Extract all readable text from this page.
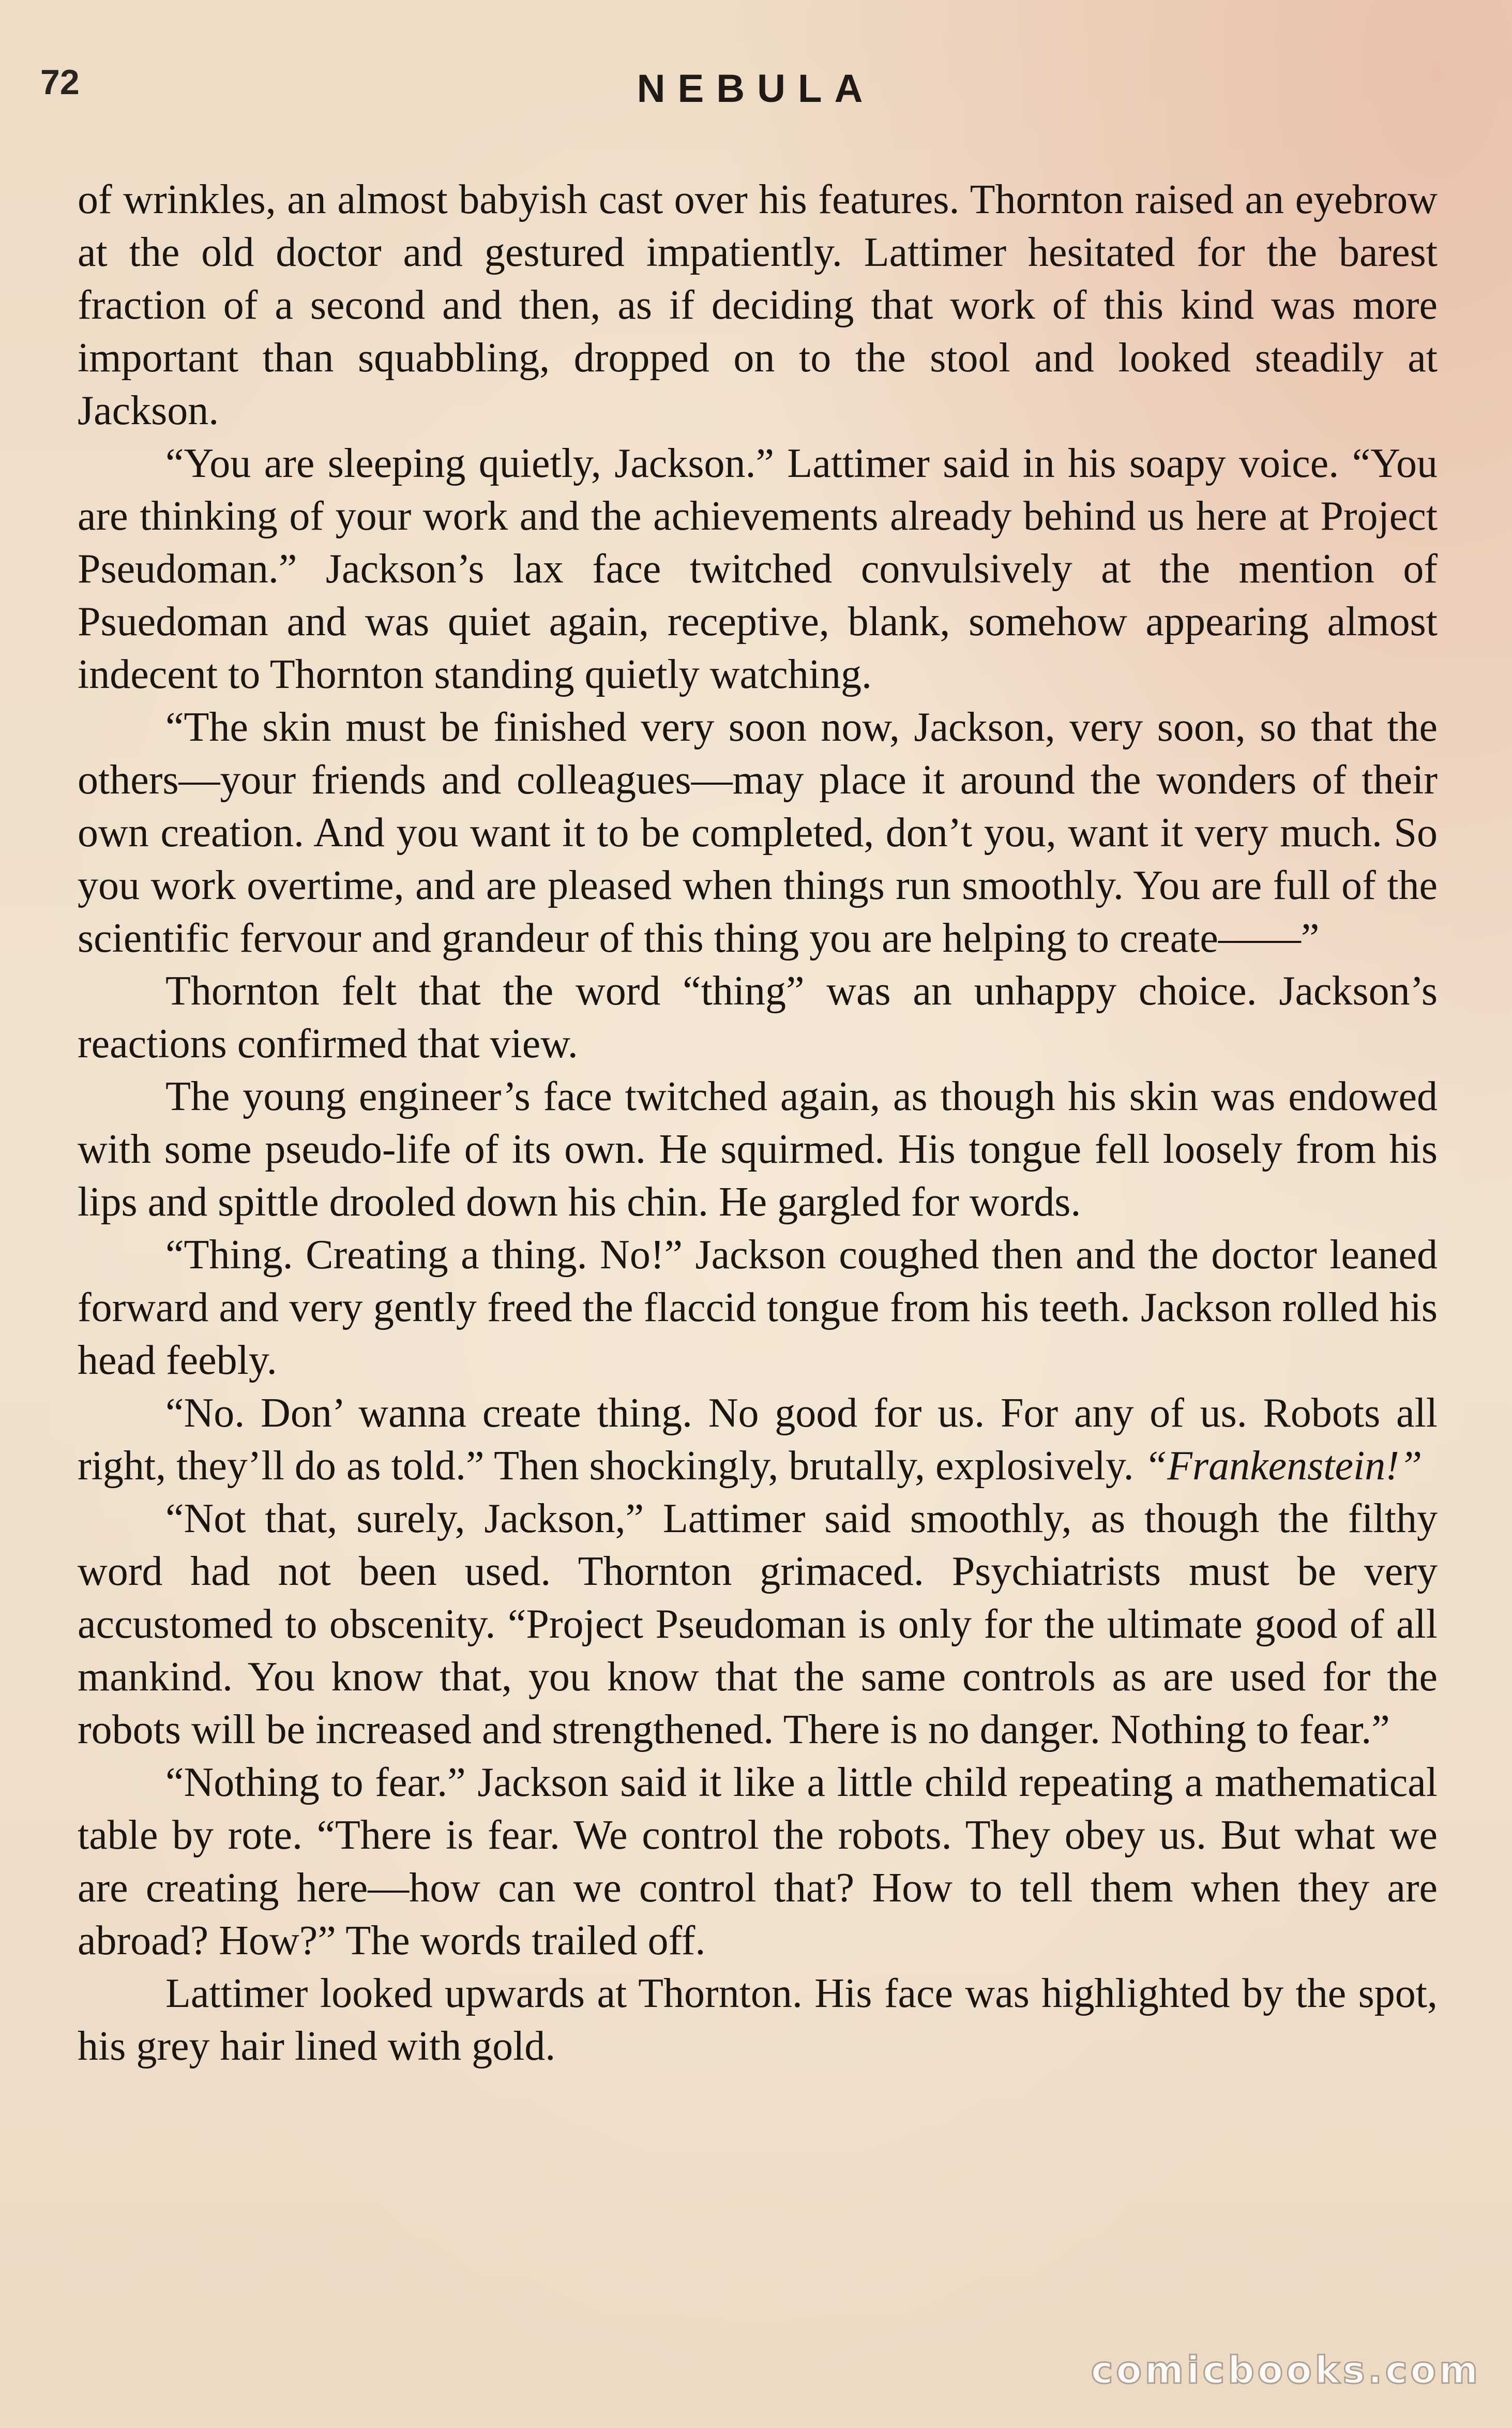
72	NEBULA

of wrinkles, an almost babyish cast over his features. Thornton raised an eyebrow at the old doctor and gestured impatiently. Lattimer hesitated for the barest fraction of a second and then, as if deciding that work of this kind was more important than squabbling, dropped on to the stool and looked steadily at Jackson.

“You are sleeping quietly, Jackson.” Lattimer said in his soapy voice. “You are thinking of your work and the achievements already behind us here at Project Pseudoman.” Jackson’s lax face twitched convulsively at the mention of Psuedoman and was quiet again, receptive, blank, somehow appearing almost indecent to Thornton standing quietly watching.

“The skin must be finished very soon now, Jackson, very soon, so that the others—your friends and colleagues—may place it around the wonders of their own creation. And you want it to be completed, don’t you, want it very much. So you work overtime, and are pleased when things run smoothly. You are full of the scientific fervour and grandeur of this thing you are helping to create——”

Thornton felt that the word “thing” was an unhappy choice. Jackson’s reactions confirmed that view.

The young engineer’s face twitched again, as though his skin was endowed with some pseudo-life of its own. He squirmed. His tongue fell loosely from his lips and spittle drooled down his chin. He gargled for words.

“Thing. Creating a thing. No!” Jackson coughed then and the doctor leaned forward and very gently freed the flaccid tongue from his teeth. Jackson rolled his head feebly.

“No. Don’ wanna create thing. No good for us. For any of us. Robots all right, they’ll do as told.” Then shockingly, brutally, explosively. “Frankenstein!”

“Not that, surely, Jackson,” Lattimer said smoothly, as though the filthy word had not been used. Thornton grimaced. Psychiatrists must be very accustomed to obscenity. “Project Pseudoman is only for the ultimate good of all mankind. You know that, you know that the same controls as are used for the robots will be increased and strengthened. There is no danger. Nothing to fear.”

“Nothing to fear.” Jackson said it like a little child repeating a mathematical table by rote. “There is fear. We control the robots. They obey us. But what we are creating here—how can we control that? How to tell them when they are abroad? How?” The words trailed off.

Lattimer looked upwards at Thornton. His face was highlighted by the spot, his grey hair lined with gold.

comicbooks.com
